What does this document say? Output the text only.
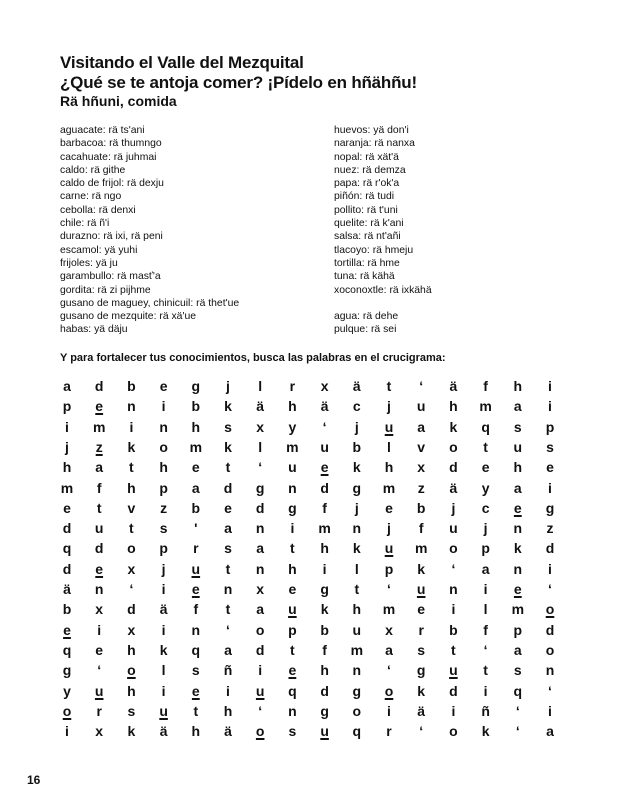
Visitando el Valle del Mezquital
¿Qué se te antoja comer? ¡Pídelo en hñähñu!
Rä hñuni, comida
aguacate: rä ts'ani
barbacoa: rä thumngo
cacahuate: rä juhmai
caldo: rä githe
caldo de frijol: rä dexju
carne: rä ngo
cebolla: rä denxi
chile: rä ñ'i
durazno: rä ixi, rä peni
escamol: yä yuhi
frijoles: yä ju
garambullo: rä masť'a
gordita: rä zi pijhme
gusano de maguey, chinicuil: rä thet'ue
gusano de mezquite: rä xä'ue
habas: yä däju
huevos: yä don'i
naranja: rä nanxa
nopal: rä xät'ä
nuez: rä demza
papa: rä r'ok'a
piñón: rä tudi
pollito: rä t'uni
quelite: rä k'ani
salsa: rä nt'añi
tlacoyo: rä hmeju
tortilla: rä hme
tuna: rä kähä
xoconoxtle: rä ixkähä
agua: rä dehe
pulque: rä sei
Y para fortalecer tus conocimientos, busca las palabras en el crucigrama:
a	d	b	e	g	j	l	r	x	ä	t	‘	ä	f	h	i
p	e	n	i	b	k	ä	h	ä	c	j	u	h	m	a	i
i	m	i	n	h	s	x	y	‘	j	u	a	k	q	s	p
j	z	k	o	m	k	l	m	u	b	l	v	o	t	u	s
h	a	t	h	e	t	‘	u	e	k	h	x	d	e	h	e
m	f	h	p	a	d	g	n	d	g	m	z	ä	y	a	i
e	t	v	z	b	e	d	g	f	j	e	b	j	c	e	g
d	u	t	s	'	a	n	i	m	n	j	f	u	j	n	z
q	d	o	p	r	s	a	t	h	k	u	m	o	p	k	d
d	e	x	j	u	t	n	h	i	l	p	k	‘	a	n	i
ä	n	‘	i	e	n	x	e	g	t	‘	u	n	i	e	‘
b	x	d	ä	f	t	a	u	k	h	m	e	i	l	m	o
e	i	x	i	n	‘	o	p	b	u	x	r	b	f	p	d
q	e	h	k	q	a	d	t	f	m	a	s	t	‘	a	o
g	‘	o	l	s	ñ	i	e	h	n	‘	g	u	t	s	n
y	u	h	i	e	i	u	q	d	g	o	k	d	i	q	‘
o	r	s	u	t	h	‘	n	g	o	i	ä	i	ñ	‘	i
i	x	k	ä	h	ä	o	s	u	q	r	‘	o	k	‘	a
16
